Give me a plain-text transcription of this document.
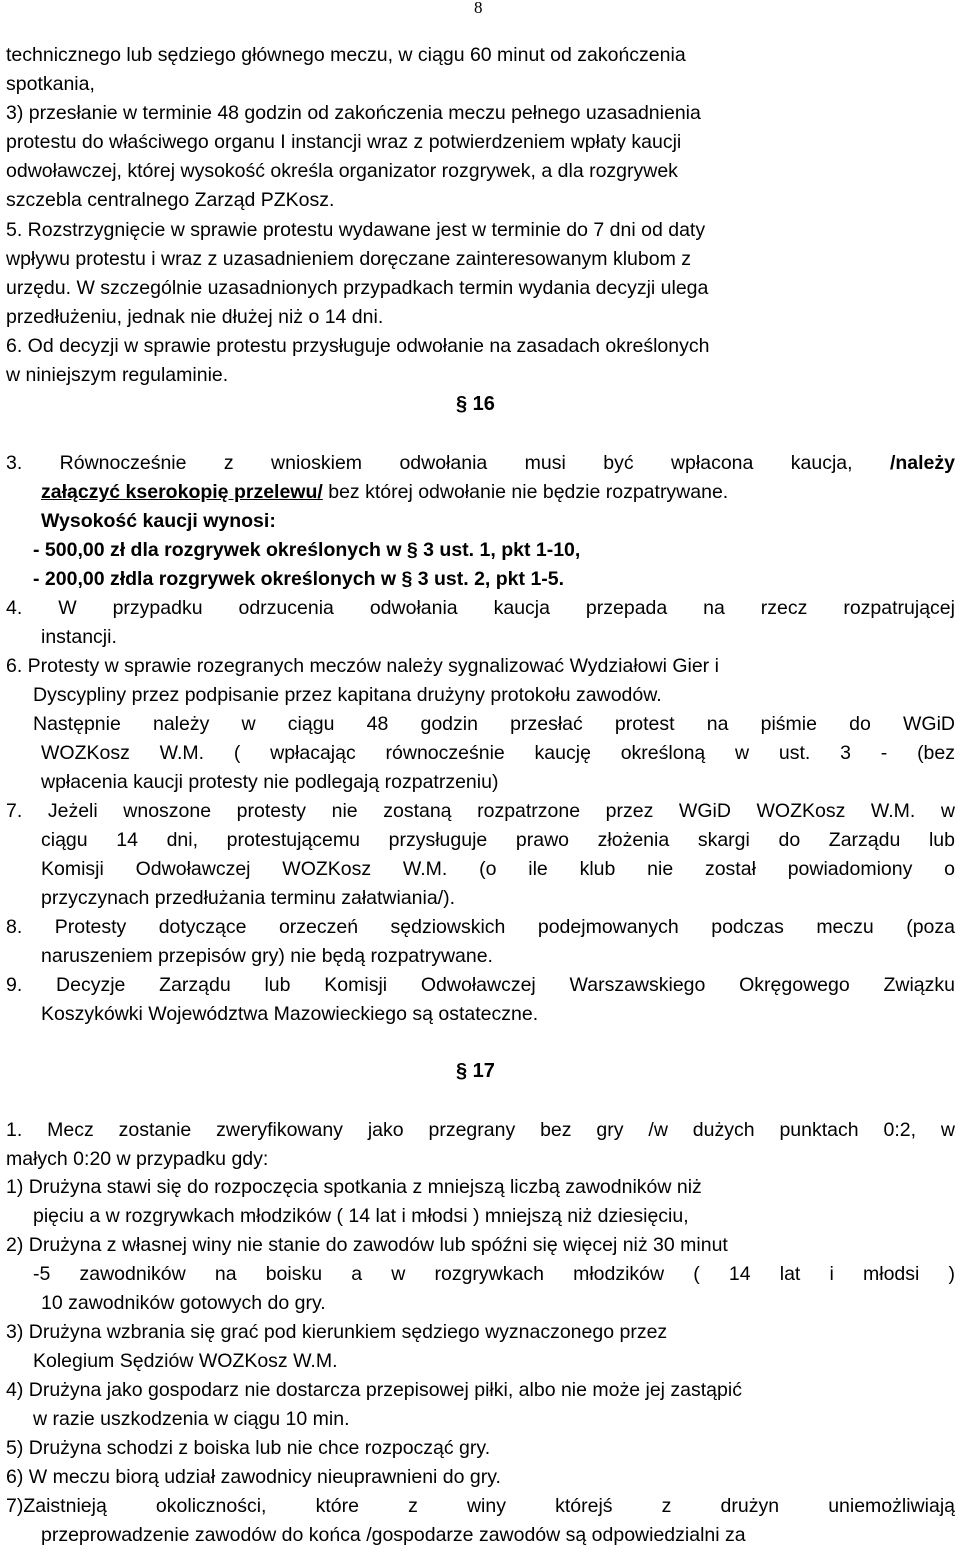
8
technicznego lub sędziego głównego meczu, w ciągu 60 minut od zakończenia
spotkania,
3) przesłanie w terminie 48 godzin od zakończenia meczu pełnego uzasadnienia
protestu do właściwego organu I instancji wraz z potwierdzeniem wpłaty kaucji
odwoławczej, której wysokość określa organizator rozgrywek, a dla rozgrywek
szczebla centralnego Zarząd PZKosz.
5. Rozstrzygnięcie w sprawie protestu wydawane jest w terminie do 7 dni od daty
wpływu protestu i wraz z uzasadnieniem doręczane zainteresowanym klubom z
urzędu. W szczególnie uzasadnionych przypadkach termin wydania decyzji ulega
przedłużeniu, jednak nie dłużej niż o 14 dni.
6. Od decyzji w sprawie protestu przysługuje odwołanie na zasadach określonych
w niniejszym regulaminie.
§ 16
3. Równocześnie z wnioskiem odwołania musi być wpłacona kaucja, /należy
załączyć kserokopię przelewu/ bez której odwołanie nie będzie rozpatrywane.
Wysokość kaucji wynosi:
- 500,00 zł dla rozgrywek określonych w § 3 ust. 1, pkt 1-10,
- 200,00 złdla rozgrywek określonych w § 3 ust. 2, pkt 1-5.
4. W przypadku odrzucenia odwołania kaucja przepada na rzecz rozpatrującej
instancji.
6. Protesty w sprawie rozegranych meczów należy sygnalizować Wydziałowi Gier i
Dyscypliny przez podpisanie przez kapitana drużyny protokołu zawodów.
Następnie należy w ciągu 48 godzin przesłać protest na piśmie do WGiD
WOZKosz W.M. ( wpłacając równocześnie kaucję określoną w ust. 3 - (bez
wpłacenia kaucji protesty nie podlegają rozpatrzeniu)
7. Jeżeli wnoszone protesty nie zostaną rozpatrzone przez WGiD WOZKosz W.M. w
ciągu 14 dni, protestującemu przysługuje prawo złożenia skargi do Zarządu lub
Komisji Odwoławczej WOZKosz W.M. (o ile klub nie został powiadomiony o
przyczynach przedłużania terminu załatwiania/).
8. Protesty dotyczące orzeczeń sędziowskich podejmowanych podczas meczu (poza
naruszeniem przepisów gry) nie będą rozpatrywane.
9. Decyzje Zarządu lub Komisji Odwoławczej Warszawskiego Okręgowego Związku
Koszykówki Województwa Mazowieckiego są ostateczne.
§ 17
1. Mecz zostanie zweryfikowany jako przegrany bez gry /w dużych punktach 0:2, w
małych 0:20 w przypadku gdy:
1) Drużyna stawi się do rozpoczęcia spotkania z mniejszą liczbą zawodników niż
pięciu a w rozgrywkach młodzików ( 14 lat i młodsi ) mniejszą niż dziesięciu,
2) Drużyna z własnej winy nie stanie do zawodów lub spóźni się więcej niż 30 minut
-5 zawodników na boisku a w rozgrywkach młodzików ( 14 lat i młodsi )
10 zawodników gotowych do gry.
3) Drużyna wzbrania się grać pod kierunkiem sędziego wyznaczonego przez
Kolegium Sędziów WOZKosz W.M.
4) Drużyna jako gospodarz nie dostarcza przepisowej piłki, albo nie może jej zastąpić
w razie uszkodzenia w ciągu 10 min.
5) Drużyna schodzi z boiska lub nie chce rozpocząć gry.
6) W meczu biorą udział zawodnicy nieuprawnieni do gry.
7)Zaistnieją okoliczności, które z winy którejś z drużyn uniemożliwiają
przeprowadzenie zawodów do końca /gospodarze zawodów są odpowiedzialni za
